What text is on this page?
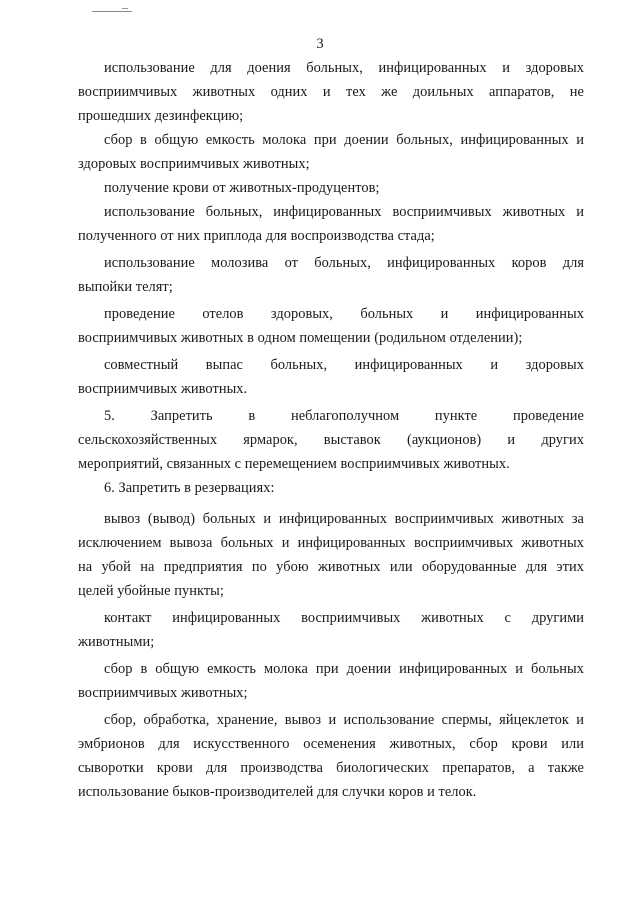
3
использование для доения больных, инфицированных и здоровых
восприимчивых животных одних и тех же доильных аппаратов, не
прошедших дезинфекцию;
сбор в общую емкость молока при доении больных, инфицированных и
здоровых восприимчивых животных;
получение крови от животных-продуцентов;
использование больных, инфицированных восприимчивых животных и
полученного от них приплода для воспроизводства стада;
использование молозива от больных, инфицированных коров для
выпойки телят;
проведение отелов здоровых, больных и инфицированных
восприимчивых животных в одном помещении (родильном отделении);
совместный выпас больных, инфицированных и здоровых
восприимчивых животных.
5. Запретить в неблагополучном пункте проведение
сельскохозяйственных ярмарок, выставок (аукционов) и других
мероприятий, связанных с перемещением восприимчивых животных.
6. Запретить в резервациях:
вывоз (вывод) больных и инфицированных восприимчивых животных за
исключением вывоза больных и инфицированных восприимчивых животных
на убой на предприятия по убою животных или оборудованные для этих
целей убойные пункты;
контакт инфицированных восприимчивых животных с другими
животными;
сбор в общую емкость молока при доении инфицированных и больных
восприимчивых животных;
сбор, обработка, хранение, вывоз и использование спермы, яйцеклеток и
эмбрионов для искусственного осеменения животных, сбор крови или
сыворотки крови для производства биологических препаратов, а также
использование быков-производителей для случки коров и телок.
